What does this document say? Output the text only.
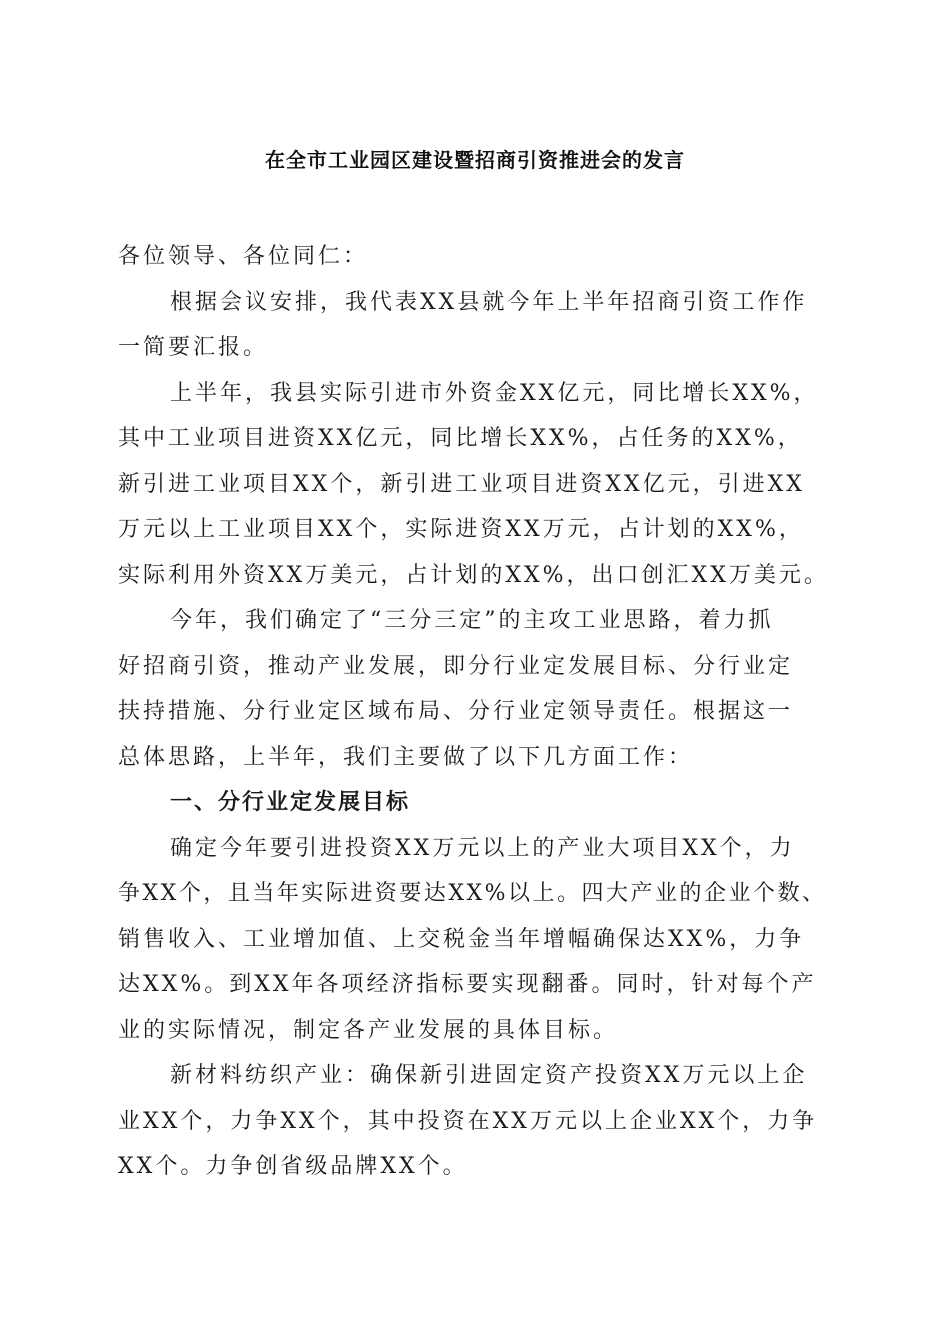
在全市工业园区建设暨招商引资推进会的发言
各位领导、各位同仁：
根据会议安排，我代表XX县就今年上半年招商引资工作作
一简要汇报。
上半年，我县实际引进市外资金XX亿元，同比增长XX%，
其中工业项目进资XX亿元，同比增长XX%，占任务的XX%，
新引进工业项目XX个，新引进工业项目进资XX亿元，引进XX
万元以上工业项目XX个，实际进资XX万元，占计划的XX%，
实际利用外资XX万美元，占计划的XX%，出口创汇XX万美元。
今年，我们确定了“三分三定”的主攻工业思路，着力抓
好招商引资，推动产业发展，即分行业定发展目标、分行业定
扶持措施、分行业定区域布局、分行业定领导责任。根据这一
总体思路，上半年，我们主要做了以下几方面工作：
一、分行业定发展目标
确定今年要引进投资XX万元以上的产业大项目XX个，力
争XX个，且当年实际进资要达XX%以上。四大产业的企业个数、
销售收入、工业增加值、上交税金当年增幅确保达XX%，力争
达XX%。到XX年各项经济指标要实现翻番。同时，针对每个产
业的实际情况，制定各产业发展的具体目标。
新材料纺织产业：确保新引进固定资产投资XX万元以上企
业XX个，力争XX个，其中投资在XX万元以上企业XX个，力争
XX个。力争创省级品牌XX个。
